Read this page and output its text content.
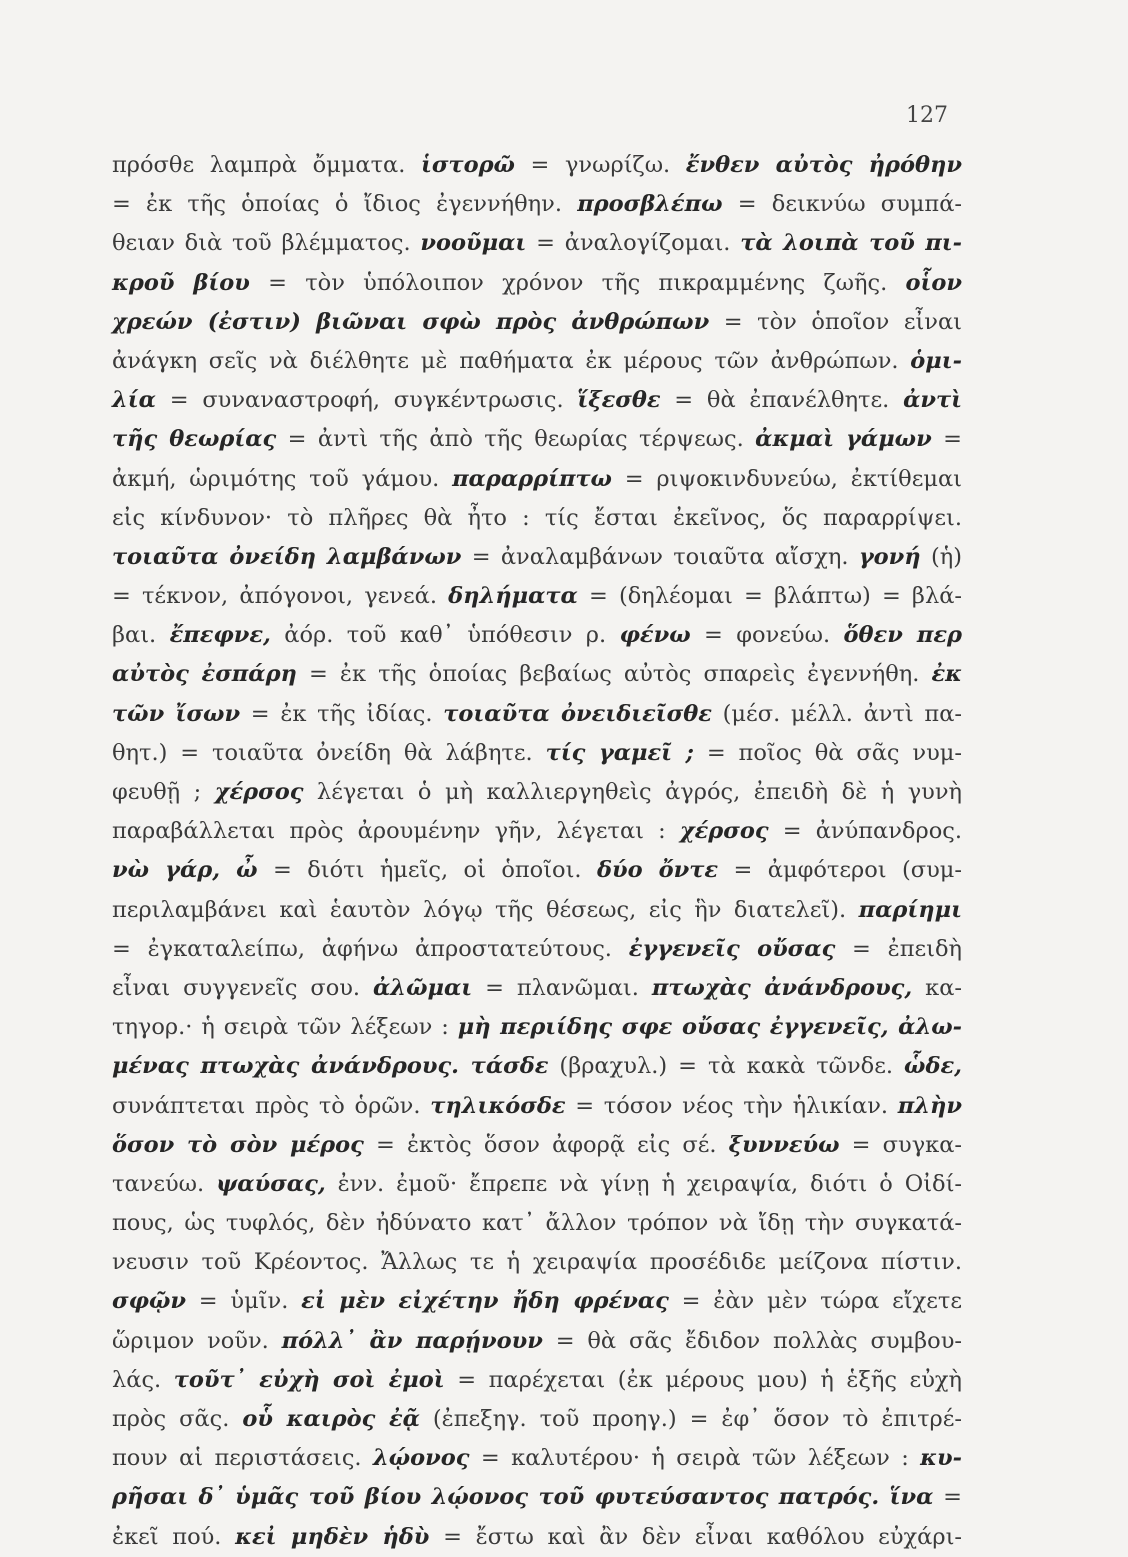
127
πρόσθε λαμπρὰ ὄμματα. ἱστορῶ = γνωρίζω. ἔνθεν αὐτὸς ἠρόθην
= ἐκ τῆς ὁποίας ὁ ἴδιος ἐγεννήθην. προσβλέπω = δεικνύω συμπά-
θειαν διὰ τοῦ βλέμματος. νοοῦμαι = ἀναλογίζομαι. τὰ λοιπὰ τοῦ πι-
κροῦ βίου = τὸν ὑπόλοιπον χρόνον τῆς πικραμμένης ζωῆς. οἷον
χρεών (ἐστιν) βιῶναι σφὼ πρὸς ἀνθρώπων = τὸν ὁποῖον εἶναι
ἀνάγκη σεῖς νὰ διέλθητε μὲ παθήματα ἐκ μέρους τῶν ἀνθρώπων. ὁμι-
λία = συναναστροφή, συγκέντρωσις. ἵξεσθε = θὰ ἐπανέλθητε. ἀντὶ
τῆς θεωρίας = ἀντὶ τῆς ἀπὸ τῆς θεωρίας τέρψεως. ἀκμαὶ γάμων =
ἀκμή, ὡριμότης τοῦ γάμου. παραρρίπτω = ριψοκινδυνεύω, ἐκτίθεμαι
εἰς κίνδυνον· τὸ πλῆρες θὰ ἦτο : τίς ἔσται ἐκεῖνος, ὅς παραρρίψει.
τοιαῦτα ὀνείδη λαμβάνων = ἀναλαμβάνων τοιαῦτα αἴσχη. γονή (ἡ)
= τέκνον, ἀπόγονοι, γενεά. δηλήματα = (δηλέομαι = βλάπτω) = βλά-
βαι. ἔπεφνε, ἀόρ. τοῦ καθ᾽ ὑπόθεσιν ρ. φένω = φονεύω. ὅθεν περ
αὐτὸς ἐσπάρη = ἐκ τῆς ὁποίας βεβαίως αὐτὸς σπαρεὶς ἐγεννήθη. ἐκ
τῶν ἴσων = ἐκ τῆς ἰδίας. τοιαῦτα ὀνειδιεῖσθε (μέσ. μέλλ. ἀντὶ πα-
θητ.) = τοιαῦτα ὀνείδη θὰ λάβητε. τίς γαμεῖ ; = ποῖος θὰ σᾶς νυμ-
φευθῇ ; χέρσος λέγεται ὁ μὴ καλλιεργηθεὶς ἀγρός, ἐπειδὴ δὲ ἡ γυνὴ
παραβάλλεται πρὸς ἀρουμένην γῆν, λέγεται : χέρσος = ἀνύπανδρος.
νὼ γάρ, ὦ = διότι ἡμεῖς, οἱ ὁποῖοι. δύο ὄντε = ἀμφότεροι (συμ-
περιλαμβάνει καὶ ἑαυτὸν λόγῳ τῆς θέσεως, εἰς ἣν διατελεῖ). παρίημι
= ἐγκαταλείπω, ἀφήνω ἀπροστατεύτους. ἐγγενεῖς οὔσας = ἐπειδὴ
εἶναι συγγενεῖς σου. ἀλῶμαι = πλανῶμαι. πτωχὰς ἀνάνδρους, κα-
τηγορ.· ἡ σειρὰ τῶν λέξεων : μὴ περιίδης σφε οὔσας ἐγγενεῖς, ἀλω-
μένας πτωχὰς ἀνάνδρους. τάσδε (βραχυλ.) = τὰ κακὰ τῶνδε. ὧδε,
συνάπτεται πρὸς τὸ ὁρῶν. τηλικόσδε = τόσον νέος τὴν ἡλικίαν. πλὴν
ὅσον τὸ σὸν μέρος = ἐκτὸς ὅσον ἀφορᾷ εἰς σέ. ξυννεύω = συγκα-
τανεύω. ψαύσας, ἐνν. ἐμοῦ· ἔπρεπε νὰ γίνῃ ἡ χειραψία, διότι ὁ Οἰδί-
πους, ὡς τυφλός, δὲν ἠδύνατο κατ᾽ ἄλλον τρόπον νὰ ἴδῃ τὴν συγκατά-
νευσιν τοῦ Κρέοντος. Ἄλλως τε ἡ χειραψία προσέδιδε μείζονα πίστιν.
σφῷν = ὑμῖν. εἰ μὲν εἰχέτην ἤδη φρένας = ἐὰν μὲν τώρα εἴχετε
ὥριμον νοῦν. πόλλ᾽ ἂν παρῄνουν = θὰ σᾶς ἔδιδον πολλὰς συμβου-
λάς. τοῦτ᾽ εὐχὴ σοὶ ἐμοὶ = παρέχεται (ἐκ μέρους μου) ἡ ἑξῆς εὐχὴ
πρὸς σᾶς. οὗ καιρὸς ἐᾷ (ἐπεξηγ. τοῦ προηγ.) = ἐφ᾽ ὅσον τὸ ἐπιτρέ-
πουν αἱ περιστάσεις. λῴονος = καλυτέρου· ἡ σειρὰ τῶν λέξεων : κυ-
ρῆσαι δ᾽ ὑμᾶς τοῦ βίου λῴονος τοῦ φυτεύσαντος πατρός. ἵνα =
ἐκεῖ πού. κεἰ μηδὲν ἡδὺ = ἔστω καὶ ἂν δὲν εἶναι καθόλου εὐχάρι-
